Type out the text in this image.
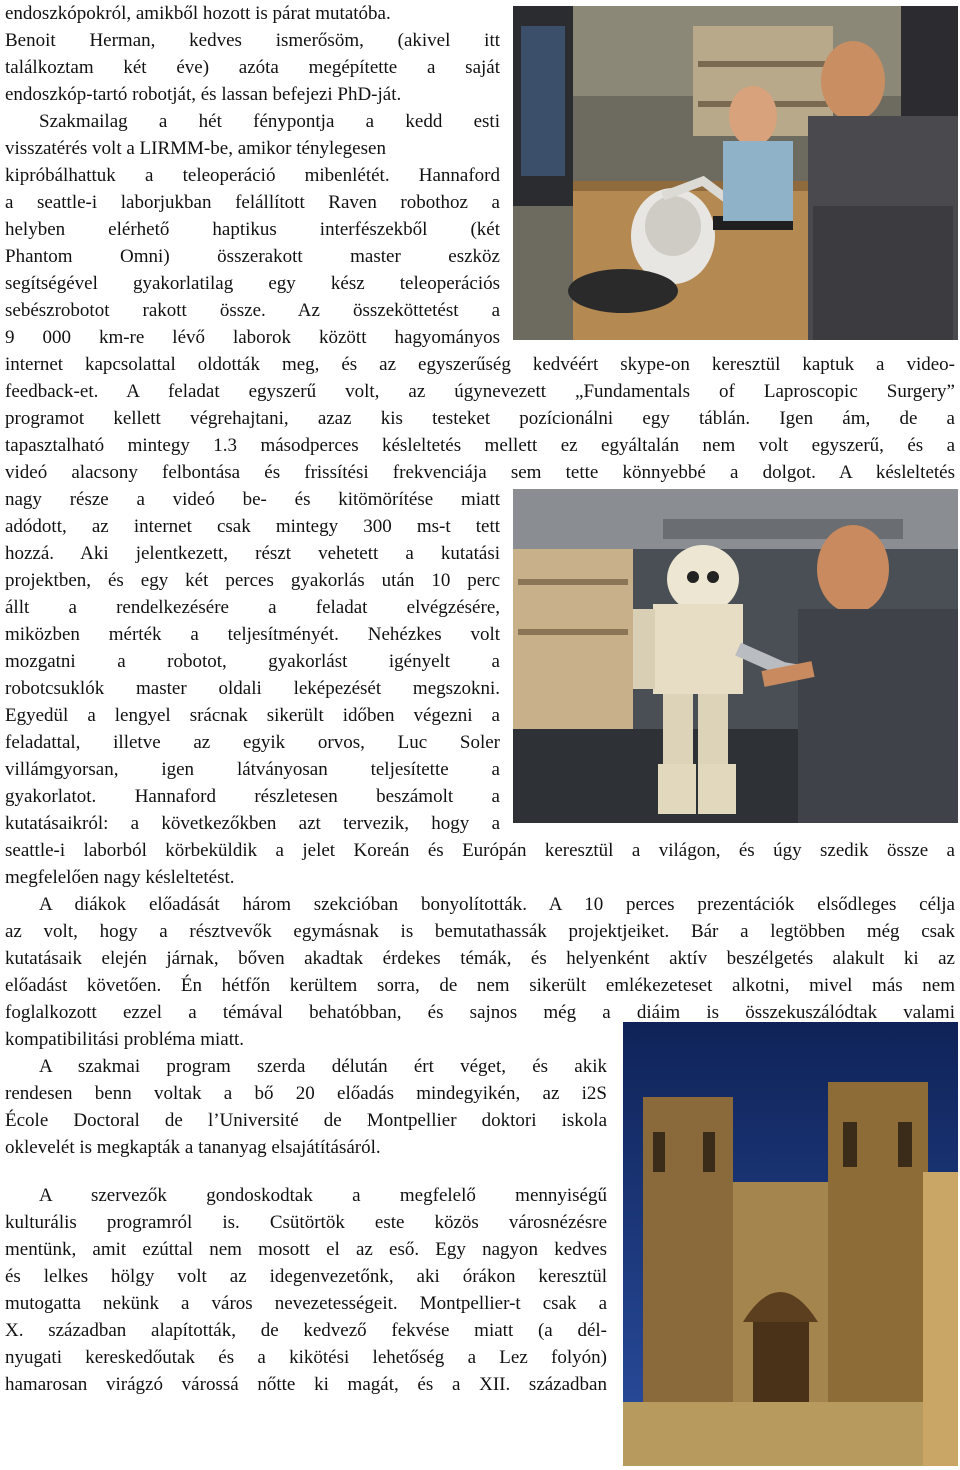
endoszkópokról, amikből hozott is párat mutatóba.
Benoit Herman, kedves ismerősöm, (akivel itt
találkoztam két éve) azóta megépítette a saját
endoszkóp-tartó robotját, és lassan befejezi PhD-ját.
Szakmailag a hét fénypontja a kedd esti
visszatérés volt a LIRMM-be, amikor ténylegesen
kipróbálhattuk a teleoperáció mibenlétét. Hannaford
a seattle-i laborjukban felállított Raven robothoz a
helyben elérhető haptikus interfészekből (két
Phantom Omni) összerakott master eszköz
segítségével gyakorlatilag egy kész teleoperációs
sebészrobotot rakott össze. Az összeköttetést a
9 000 km-re lévő laborok között hagyományos
internet kapcsolattal oldották meg, és az egyszerűség kedvéért skype-on keresztül kaptuk a video-
feedback-et. A feladat egyszerű volt, az úgynevezett „Fundamentals of Laproscopic Surgery”
programot kellett végrehajtani, azaz kis testeket pozícionálni egy táblán. Igen ám, de a
tapasztalható mintegy 1.3 másodperces késleltetés mellett ez egyáltalán nem volt egyszerű, és a
videó alacsony felbontása és frissítési frekvenciája sem tette könnyebbé a dolgot. A késleltetés
nagy része a videó be- és kitömörítése miatt
adódott, az internet csak mintegy 300 ms-t tett
hozzá. Aki jelentkezett, részt vehetett a kutatási
projektben, és egy két perces gyakorlás után 10 perc
állt a rendelkezésére a feladat elvégzésére,
miközben mérték a teljesítményét. Nehézkes volt
mozgatni a robotot, gyakorlást igényelt a
robotcsuklók master oldali leképezését megszokni.
Egyedül a lengyel srácnak sikerült időben végezni a
feladattal, illetve az egyik orvos, Luc Soler
villámgyorsan, igen látványosan teljesítette a
gyakorlatot. Hannaford részletesen beszámolt a
kutatásaikról: a következőkben azt tervezik, hogy a
seattle-i laborból körbeküldik a jelet Koreán és Európán keresztül a világon, és úgy szedik össze a
megfelelően nagy késleltetést.
A diákok előadását három szekcióban bonyolították. A 10 perces prezentációk elsődleges célja
az volt, hogy a résztvevők egymásnak is bemutathassák projektjeiket. Bár a legtöbben még csak
kutatásaik elején járnak, bőven akadtak érdekes témák, és helyenként aktív beszélgetés alakult ki az
előadást követően. Én hétfőn kerültem sorra, de nem sikerült emlékezeteset alkotni, mivel más nem
foglalkozott ezzel a témával behatóbban, és sajnos még a diáim is összekuszálódtak valami
kompatibilitási probléma miatt.
A szakmai program szerda délután ért véget, és akik
rendesen benn voltak a bő 20 előadás mindegyikén, az i2S
École Doctoral de l’Université de Montpellier doktori iskola
oklevelét is megkapták a tananyag elsajátításáról.
A szervezők gondoskodtak a megfelelő mennyiségű
kulturális programról is. Csütörtök este közös városnézésre
mentünk, amit ezúttal nem mosott el az eső. Egy nagyon kedves
és lelkes hölgy volt az idegenvezetőnk, aki órákon keresztül
mutogatta nekünk a város nevezetességeit. Montpellier-t csak a
X. században alapították, de kedvező fekvése miatt (a dél-
nyugati kereskedőutak és a kikötési lehetőség a Lez folyón)
hamarosan virágzó várossá nőtte ki magát, és a XII. században
